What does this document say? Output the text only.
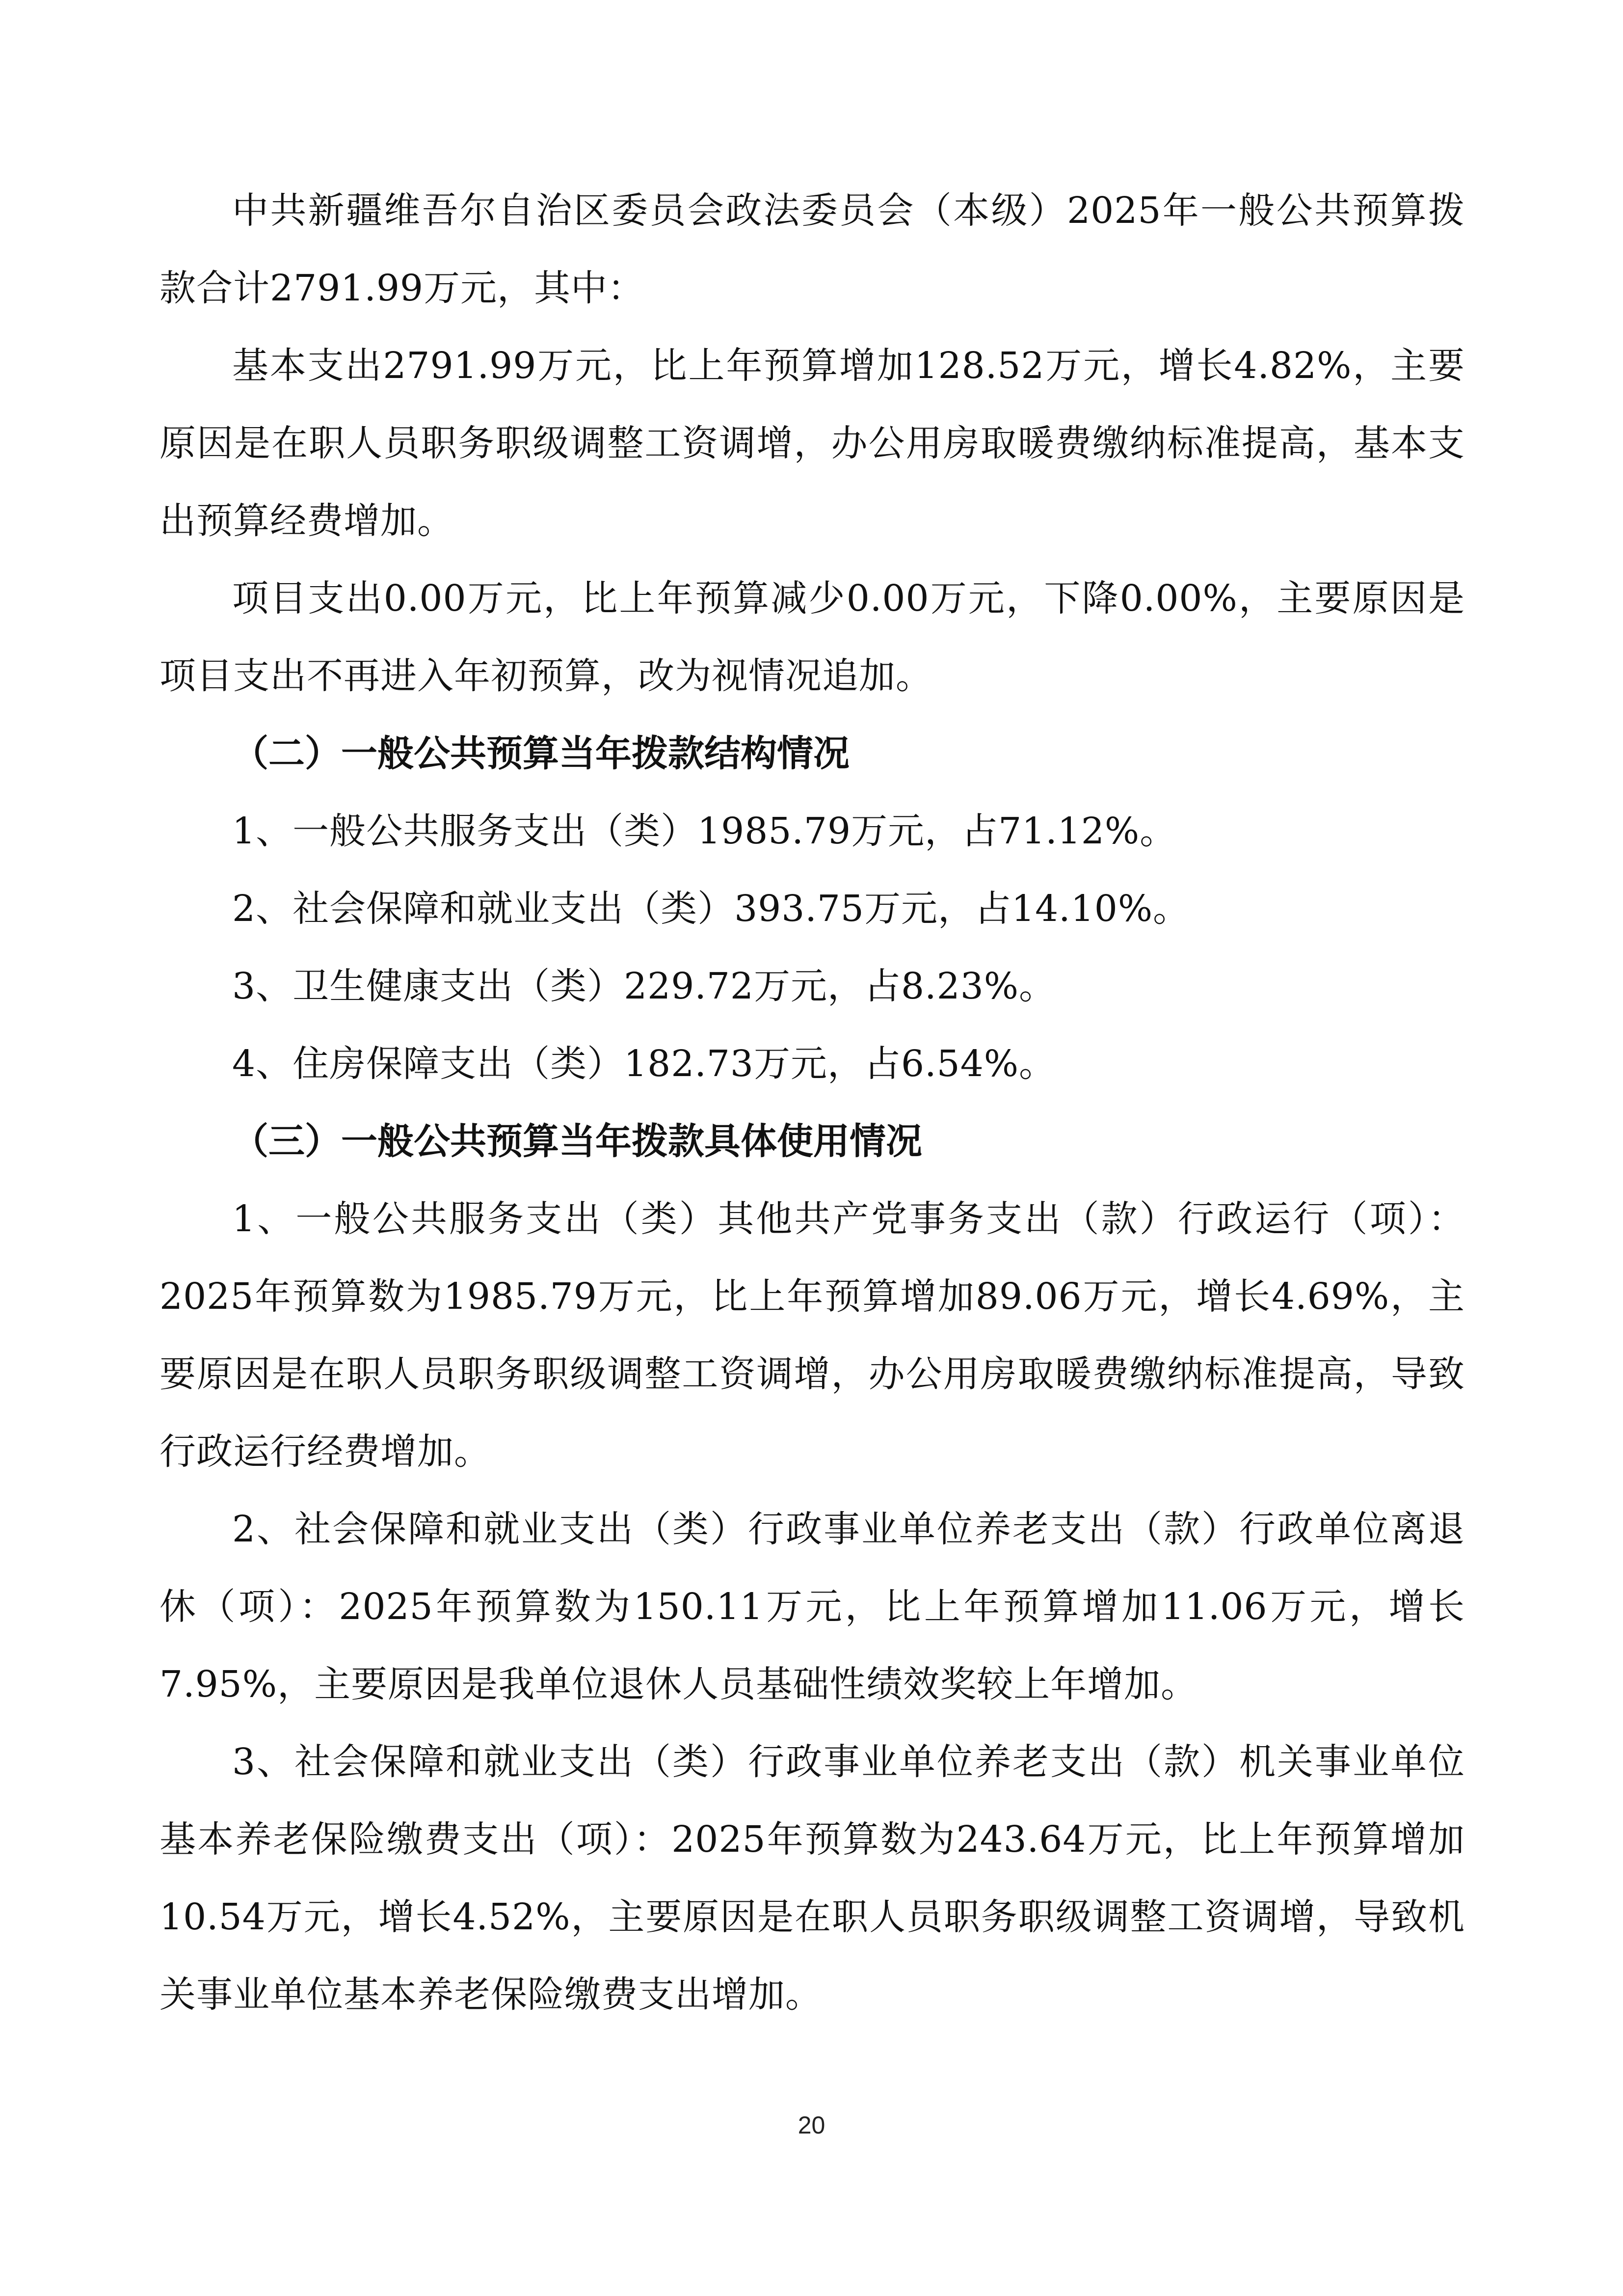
中共新疆维吾尔自治区委员会政法委员会（本级）2025年一般公共预算拨款合计2791.99万元，其中：

基本支出2791.99万元，比上年预算增加128.52万元，增长4.82%，主要原因是在职人员职务职级调整工资调增，办公用房取暖费缴纳标准提高，基本支出预算经费增加。

项目支出0.00万元，比上年预算减少0.00万元，下降0.00%，主要原因是项目支出不再进入年初预算，改为视情况追加。

（二）一般公共预算当年拨款结构情况

1、一般公共服务支出（类）1985.79万元，占71.12%。

2、社会保障和就业支出（类）393.75万元，占14.10%。

3、卫生健康支出（类）229.72万元，占8.23%。

4、住房保障支出（类）182.73万元，占6.54%。

（三）一般公共预算当年拨款具体使用情况

1、一般公共服务支出（类）其他共产党事务支出（款）行政运行（项）：2025年预算数为1985.79万元，比上年预算增加89.06万元，增长4.69%，主要原因是在职人员职务职级调整工资调增，办公用房取暖费缴纳标准提高，导致行政运行经费增加。

2、社会保障和就业支出（类）行政事业单位养老支出（款）行政单位离退休（项）：2025年预算数为150.11万元，比上年预算增加11.06万元，增长7.95%，主要原因是我单位退休人员基础性绩效奖较上年增加。

3、社会保障和就业支出（类）行政事业单位养老支出（款）机关事业单位基本养老保险缴费支出（项）：2025年预算数为243.64万元，比上年预算增加10.54万元，增长4.52%，主要原因是在职人员职务职级调整工资调增，导致机关事业单位基本养老保险缴费支出增加。

20
